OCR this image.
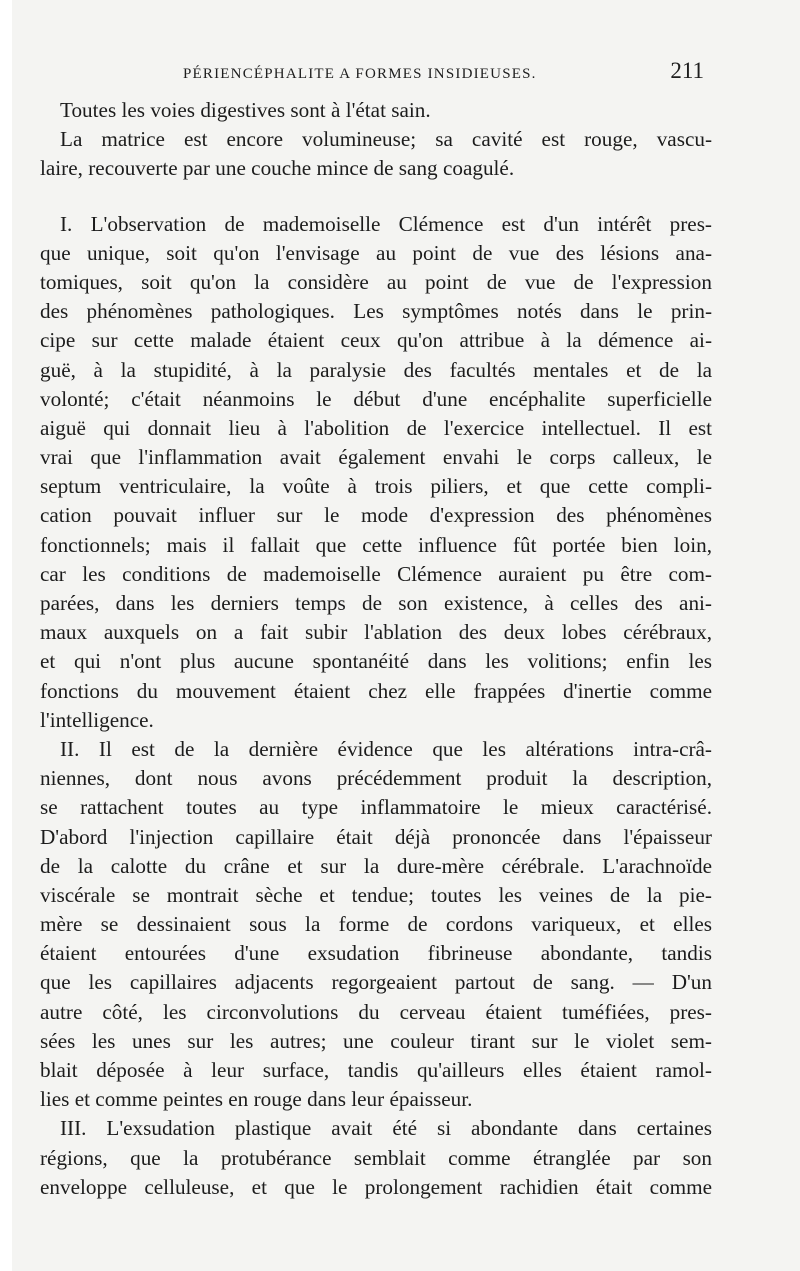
PÉRIENCÉPHALITE A FORMES INSIDIEUSES.	211
Toutes les voies digestives sont à l'état sain.
La matrice est encore volumineuse; sa cavité est rouge, vascu-
laire, recouverte par une couche mince de sang coagulé.
I. L'observation de mademoiselle Clémence est d'un intérêt pres-
que unique, soit qu'on l'envisage au point de vue des lésions ana-
tomiques, soit qu'on la considère au point de vue de l'expression
des phénomènes pathologiques. Les symptômes notés dans le prin-
cipe sur cette malade étaient ceux qu'on attribue à la démence ai-
guë, à la stupidité, à la paralysie des facultés mentales et de la
volonté; c'était néanmoins le début d'une encéphalite superficielle
aiguë qui donnait lieu à l'abolition de l'exercice intellectuel. Il est
vrai que l'inflammation avait également envahi le corps calleux, le
septum ventriculaire, la voûte à trois piliers, et que cette compli-
cation pouvait influer sur le mode d'expression des phénomènes
fonctionnels; mais il fallait que cette influence fût portée bien loin,
car les conditions de mademoiselle Clémence auraient pu être com-
parées, dans les derniers temps de son existence, à celles des ani-
maux auxquels on a fait subir l'ablation des deux lobes cérébraux,
et qui n'ont plus aucune spontanéité dans les volitions; enfin les
fonctions du mouvement étaient chez elle frappées d'inertie comme
l'intelligence.
II. Il est de la dernière évidence que les altérations intra-crâ-
niennes, dont nous avons précédemment produit la description,
se rattachent toutes au type inflammatoire le mieux caractérisé.
D'abord l'injection capillaire était déjà prononcée dans l'épaisseur
de la calotte du crâne et sur la dure-mère cérébrale. L'arachnoïde
viscérale se montrait sèche et tendue; toutes les veines de la pie-
mère se dessinaient sous la forme de cordons variqueux, et elles
étaient entourées d'une exsudation fibrineuse abondante, tandis
que les capillaires adjacents regorgeaient partout de sang. — D'un
autre côté, les circonvolutions du cerveau étaient tuméfiées, pres-
sées les unes sur les autres; une couleur tirant sur le violet sem-
blait déposée à leur surface, tandis qu'ailleurs elles étaient ramol-
lies et comme peintes en rouge dans leur épaisseur.
III. L'exsudation plastique avait été si abondante dans certaines
régions, que la protubérance semblait comme étranglée par son
enveloppe celluleuse, et que le prolongement rachidien était comme
